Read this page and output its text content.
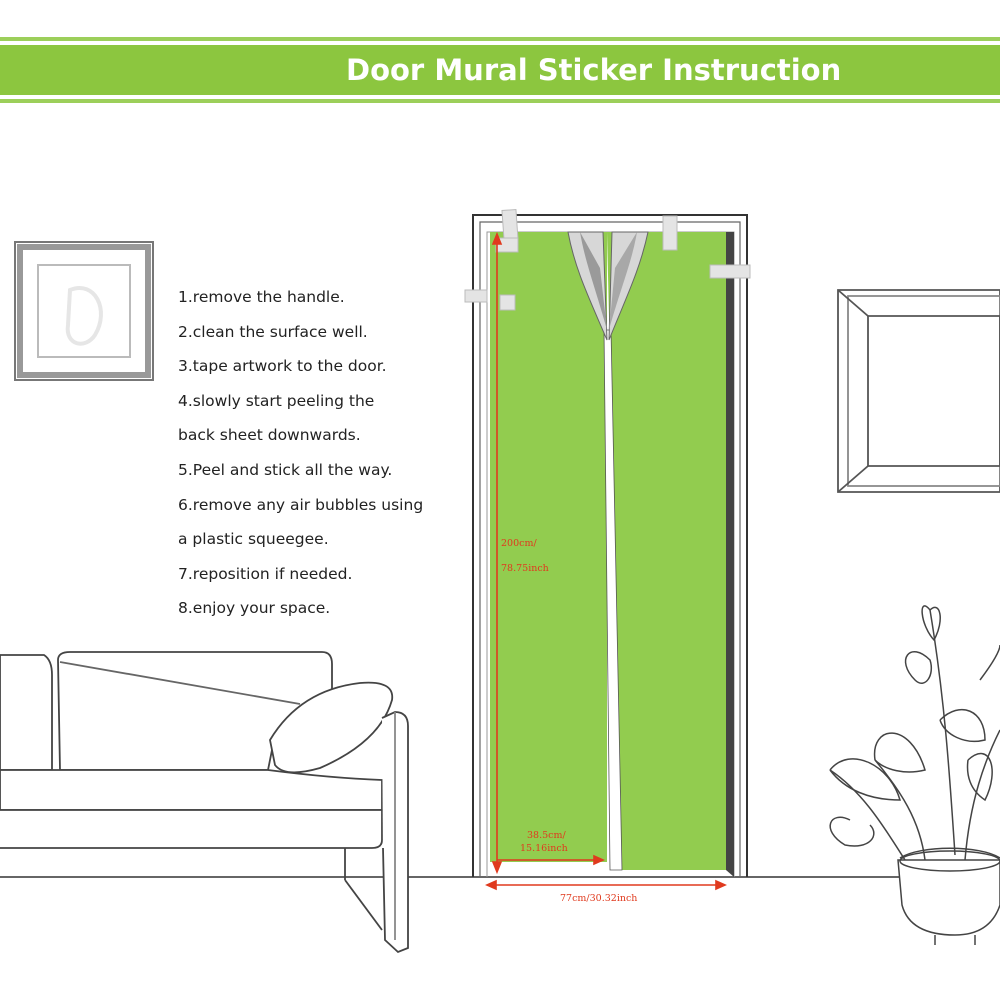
Door Mural Sticker Instruction
1.remove the handle.
2.clean the surface well.
3.tape artwork to the door.
4.slowly start peeling the
back sheet downwards.
5.Peel and stick all the way.
6.remove any air bubbles using
a plastic squeegee.
7.reposition if needed.
8.enjoy your space.
200cm/
78.75inch
38.5cm/
15.16inch
77cm/30.32inch
